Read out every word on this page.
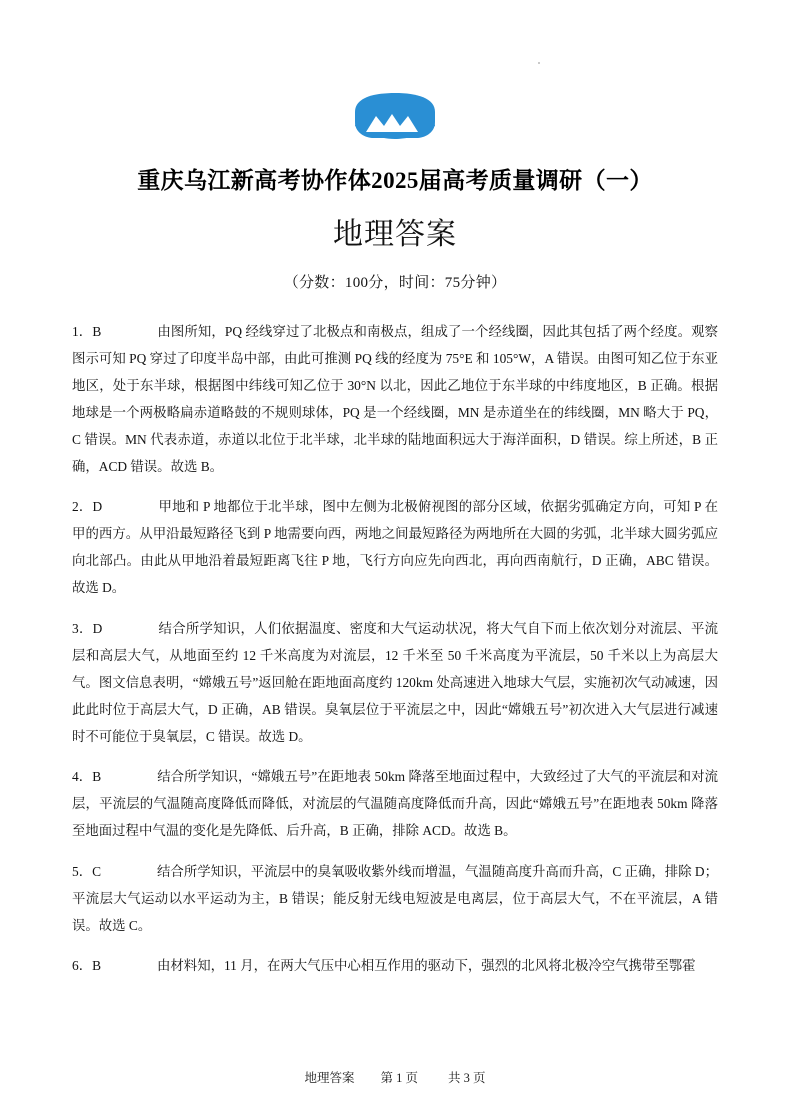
重庆乌江新高考协作体2025届高考质量调研（一）
地理答案
（分数：100分，时间：75分钟）

1．B	由图所知，PQ 经线穿过了北极点和南极点，组成了一个经线圈，因此其包括了两个经度。观察图示可知 PQ 穿过了印度半岛中部，由此可推测 PQ 线的经度为 75°E 和 105°W，A 错误。由图可知乙位于东亚地区，处于东半球，根据图中纬线可知乙位于 30°N 以北，因此乙地位于东半球的中纬度地区，B 正确。根据地球是一个两极略扁赤道略鼓的不规则球体，PQ 是一个经线圈，MN 是赤道坐在的纬线圈，MN 略大于 PQ，C 错误。MN 代表赤道，赤道以北位于北半球，北半球的陆地面积远大于海洋面积，D 错误。综上所述，B 正确，ACD 错误。故选 B。

2．D	甲地和 P 地都位于北半球，图中左侧为北极俯视图的部分区域，依据劣弧确定方向，可知 P 在甲的西方。从甲沿最短路径飞到 P 地需要向西，两地之间最短路径为两地所在大圆的劣弧，北半球大圆劣弧应向北部凸。由此从甲地沿着最短距离飞往 P 地，飞行方向应先向西北，再向西南航行，D 正确，ABC 错误。故选 D。

3．D	结合所学知识，人们依据温度、密度和大气运动状况，将大气自下而上依次划分对流层、平流层和高层大气，从地面至约 12 千米高度为对流层，12 千米至 50 千米高度为平流层，50 千米以上为高层大气。图文信息表明，“嫦娥五号”返回舱在距地面高度约 120km 处高速进入地球大气层，实施初次气动减速，因此此时位于高层大气，D 正确，AB 错误。臭氧层位于平流层之中，因此“嫦娥五号”初次进入大气层进行减速时不可能位于臭氧层，C 错误。故选 D。

4．B	结合所学知识，“嫦娥五号”在距地表 50km 降落至地面过程中，大致经过了大气的平流层和对流层，平流层的气温随高度降低而降低，对流层的气温随高度降低而升高，因此“嫦娥五号”在距地表 50km 降落至地面过程中气温的变化是先降低、后升高，B 正确，排除 ACD。故选 B。

5．C	结合所学知识，平流层中的臭氧吸收紫外线而增温，气温随高度升高而升高，C 正确，排除 D；平流层大气运动以水平运动为主，B 错误；能反射无线电短波是电离层，位于高层大气，不在平流层，A 错误。故选 C。

6．B	由材料知，11 月，在两大气压中心相互作用的驱动下，强烈的北风将北极冷空气携带至鄂霍

地理答案 第 1 页 共 3 页
